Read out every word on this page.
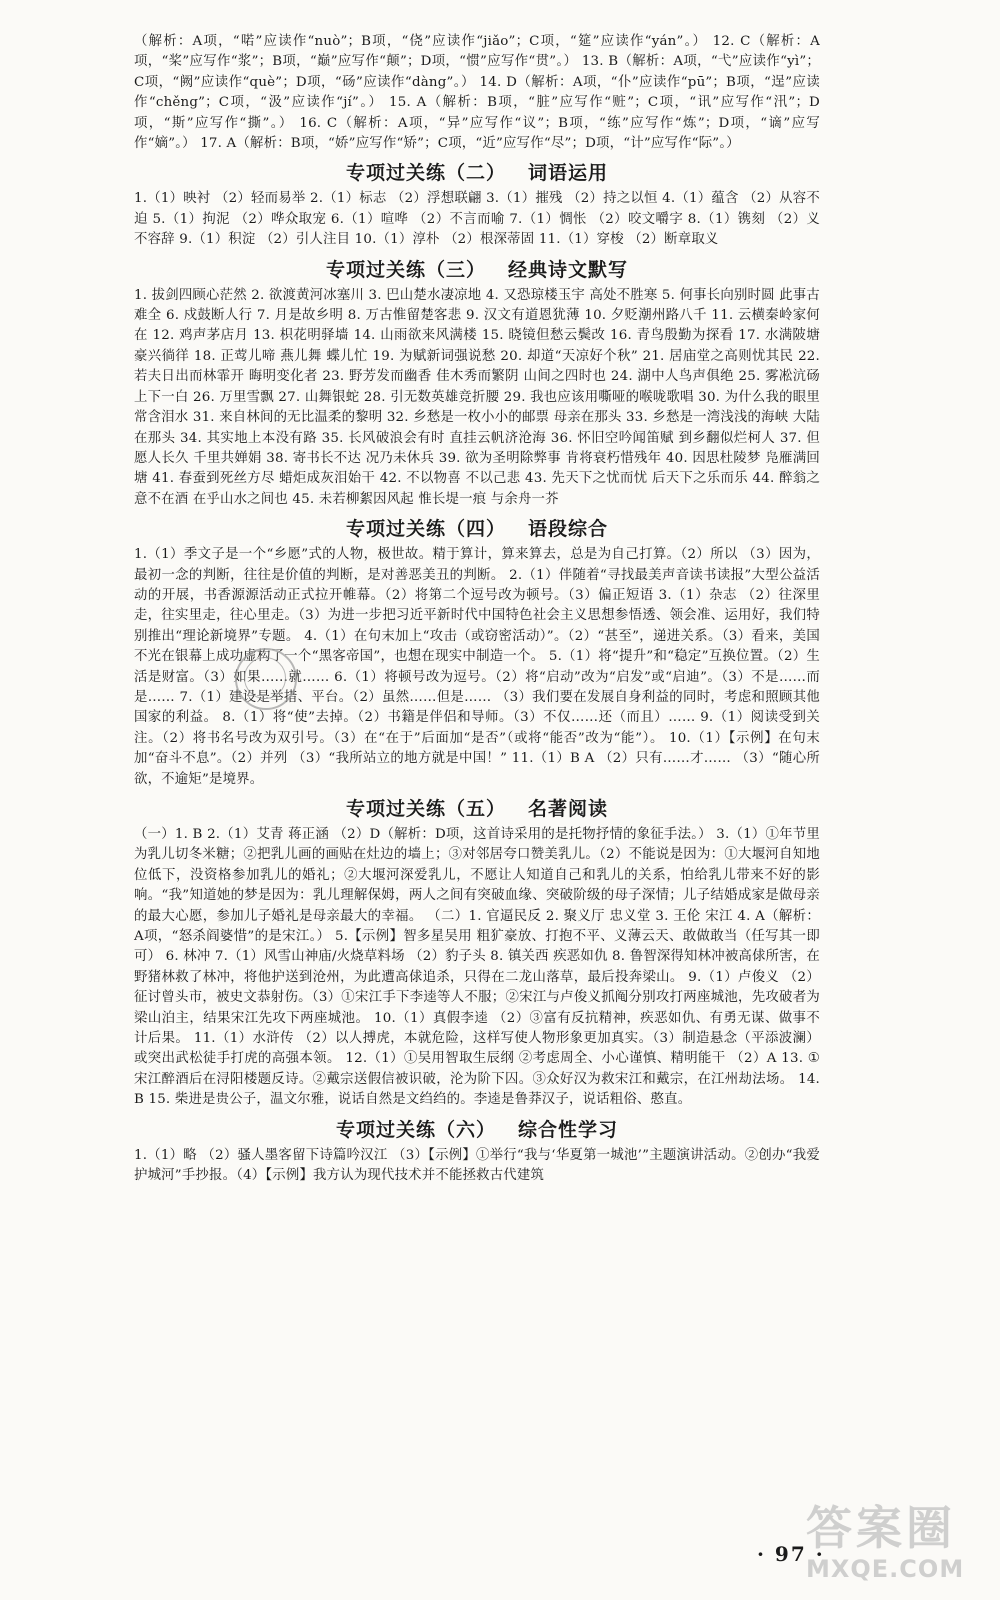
（解析：A项，“喏”应读作“nuò”；B项，“侥”应读作“jiǎo”；C项，“筵”应读作“yán”。） 12. C（解析：A项，“桨”应写作“浆”；B项，“巅”应写作“颠”；D项，“惯”应写作“贯”。） 13. B（解析：A项，“弋”应读作“yì”；C项，“阙”应读作“què”；D项，“砀”应读作“dàng”。） 14. D（解析：A项，“仆”应读作“pū”；B项，“逞”应读作“chěng”；C项，“汲”应读作“jí”。） 15. A（解析：B项，“脏”应写作“赃”；C项，“讯”应写作“汛”；D项，“斯”应写作“撕”。） 16. C（解析：A项，“异”应写作“议”；B项，“练”应写作“炼”；D项，“谪”应写作“嫡”。） 17. A（解析：B项，“娇”应写作“矫”；C项，“近”应写作“尽”；D项，“计”应写作“际”。）

专项过关练（二） 词语运用

1.（1）映衬 （2）轻而易举 2.（1）标志 （2）浮想联翩 3.（1）摧残 （2）持之以恒 4.（1）蕴含 （2）从容不迫 5.（1）拘泥 （2）哗众取宠 6.（1）喧哗 （2）不言而喻 7.（1）惆怅 （2）咬文嚼字 8.（1）镌刻 （2）义不容辞 9.（1）积淀 （2）引人注目 10.（1）淳朴 （2）根深蒂固 11.（1）穿梭 （2）断章取义

专项过关练（三） 经典诗文默写

1. 拔剑四顾心茫然 2. 欲渡黄河冰塞川 3. 巴山楚水凄凉地 4. 又恐琼楼玉宇 高处不胜寒 5. 何事长向别时圆 此事古难全 6. 戍鼓断人行 7. 月是故乡明 8. 万古惟留楚客悲 9. 汉文有道恩犹薄 10. 夕贬潮州路八千 11. 云横秦岭家何在 12. 鸡声茅店月 13. 枳花明驿墙 14. 山雨欲来风满楼 15. 晓镜但愁云鬓改 16. 青鸟殷勤为探看 17. 水满陂塘 豪兴徜徉 18. 正莺儿啼 燕儿舞 蝶儿忙 19. 为赋新词强说愁 20. 却道“天凉好个秋” 21. 居庙堂之高则忧其民 22. 若夫日出而林霏开 晦明变化者 23. 野芳发而幽香 佳木秀而繁阴 山间之四时也 24. 湖中人鸟声俱绝 25. 雾凇沆砀 上下一白 26. 万里雪飘 27. 山舞银蛇 28. 引无数英雄竞折腰 29. 我也应该用嘶哑的喉咙歌唱 30. 为什么我的眼里常含泪水 31. 来自林间的无比温柔的黎明 32. 乡愁是一枚小小的邮票 母亲在那头 33. 乡愁是一湾浅浅的海峡 大陆在那头 34. 其实地上本没有路 35. 长风破浪会有时 直挂云帆济沧海 36. 怀旧空吟闻笛赋 到乡翻似烂柯人 37. 但愿人长久 千里共婵娟 38. 寄书长不达 况乃未休兵 39. 欲为圣明除弊事 肯将衰朽惜残年 40. 因思杜陵梦 凫雁满回塘 41. 春蚕到死丝方尽 蜡炬成灰泪始干 42. 不以物喜 不以己悲 43. 先天下之忧而忧 后天下之乐而乐 44. 醉翁之意不在酒 在乎山水之间也 45. 未若柳絮因风起 惟长堤一痕 与余舟一芥

专项过关练（四） 语段综合

1.（1）季文子是一个“乡愿”式的人物，极世故。精于算计，算来算去，总是为自己打算。（2）所以 （3）因为，最初一念的判断，往往是价值的判断，是对善恶美丑的判断。 2.（1）伴随着“寻找最美声音读书读报”大型公益活动的开展，书香源源活动正式拉开帷幕。（2）将第二个逗号改为顿号。（3）偏正短语 3.（1）杂志 （2）往深里走，往实里走，往心里走。（3）为进一步把习近平新时代中国特色社会主义思想参悟透、领会准、运用好，我们特别推出“理论新境界”专题。 4.（1）在句末加上“攻击（或窃密活动）”。（2）“甚至”，递进关系。（3）看来，美国不光在银幕上成功虚构了一个“黑客帝国”，也想在现实中制造一个。 5.（1）将“提升”和“稳定”互换位置。（2）生活是财富。（3）如果……就…… 6.（1）将顿号改为逗号。（2）将“启动”改为“启发”或“启迪”。（3）不是……而是…… 7.（1）建设是举措、平台。（2）虽然……但是…… （3）我们要在发展自身利益的同时，考虑和照顾其他国家的利益。 8.（1）将“使”去掉。（2）书籍是伴侣和导师。（3）不仅……还（而且）…… 9.（1）阅读受到关注。（2）将书名号改为双引号。（3）在“在于”后面加“是否”（或将“能否”改为“能”）。 10.（1）【示例】在句末加“奋斗不息”。（2）并列 （3）“我所站立的地方就是中国！” 11.（1）B A （2）只有……才…… （3）“随心所欲，不逾矩”是境界。

专项过关练（五） 名著阅读

（一）1. B 2.（1）艾青 蒋正涵 （2）D（解析：D项，这首诗采用的是托物抒情的象征手法。） 3.（1）①年节里为乳儿切冬米糖；②把乳儿画的画贴在灶边的墙上；③对邻居夸口赞美乳儿。（2）不能说是因为：①大堰河自知地位低下，没资格参加乳儿的婚礼；②大堰河深爱乳儿，不愿让人知道自己和乳儿的关系，怕给乳儿带来不好的影响。“我”知道她的梦是因为：乳儿理解保姆，两人之间有突破血缘、突破阶级的母子深情；儿子结婚成家是做母亲的最大心愿，参加儿子婚礼是母亲最大的幸福。 （二）1. 官逼民反 2. 聚义厅 忠义堂 3. 王伦 宋江 4. A（解析：A项，“怒杀阎婆惜”的是宋江。） 5.【示例】智多星吴用 粗犷豪放、打抱不平、义薄云天、敢做敢当（任写其一即可） 6. 林冲 7.（1）风雪山神庙/火烧草料场 （2）豹子头 8. 镇关西 疾恶如仇 8. 鲁智深得知林冲被高俅所害，在野猪林救了林冲，将他护送到沧州，为此遭高俅追杀，只得在二龙山落草，最后投奔梁山。 9.（1）卢俊义 （2）征讨曾头市，被史文恭射伤。（3）①宋江手下李逵等人不服；②宋江与卢俊义抓阄分别攻打两座城池，先攻破者为梁山泊主，结果宋江先攻下两座城池。 10.（1）真假李逵 （2）③富有反抗精神，疾恶如仇、有勇无谋、做事不计后果。 11.（1）水浒传 （2）以人搏虎，本就危险，这样写使人物形象更加真实。（3）制造悬念（平添波澜）或突出武松徒手打虎的高强本领。 12.（1）①吴用智取生辰纲 ②考虑周全、小心谨慎、精明能干 （2）A 13. ①宋江醉酒后在浔阳楼题反诗。②戴宗送假信被识破，沦为阶下囚。③众好汉为救宋江和戴宗，在江州劫法场。 14. B 15. 柴进是贵公子，温文尔雅，说话自然是文绉绉的。李逵是鲁莽汉子，说话粗俗、憨直。

专项过关练（六） 综合性学习

1.（1）略 （2）骚人墨客留下诗篇吟汉江 （3）【示例】①举行“我与‘华夏第一城池’”主题演讲活动。②创办“我爱护城河”手抄报。（4）【示例】我方认为现代技术并不能拯救古代建筑

· 97 ·
答案圈
MXQE.COM
